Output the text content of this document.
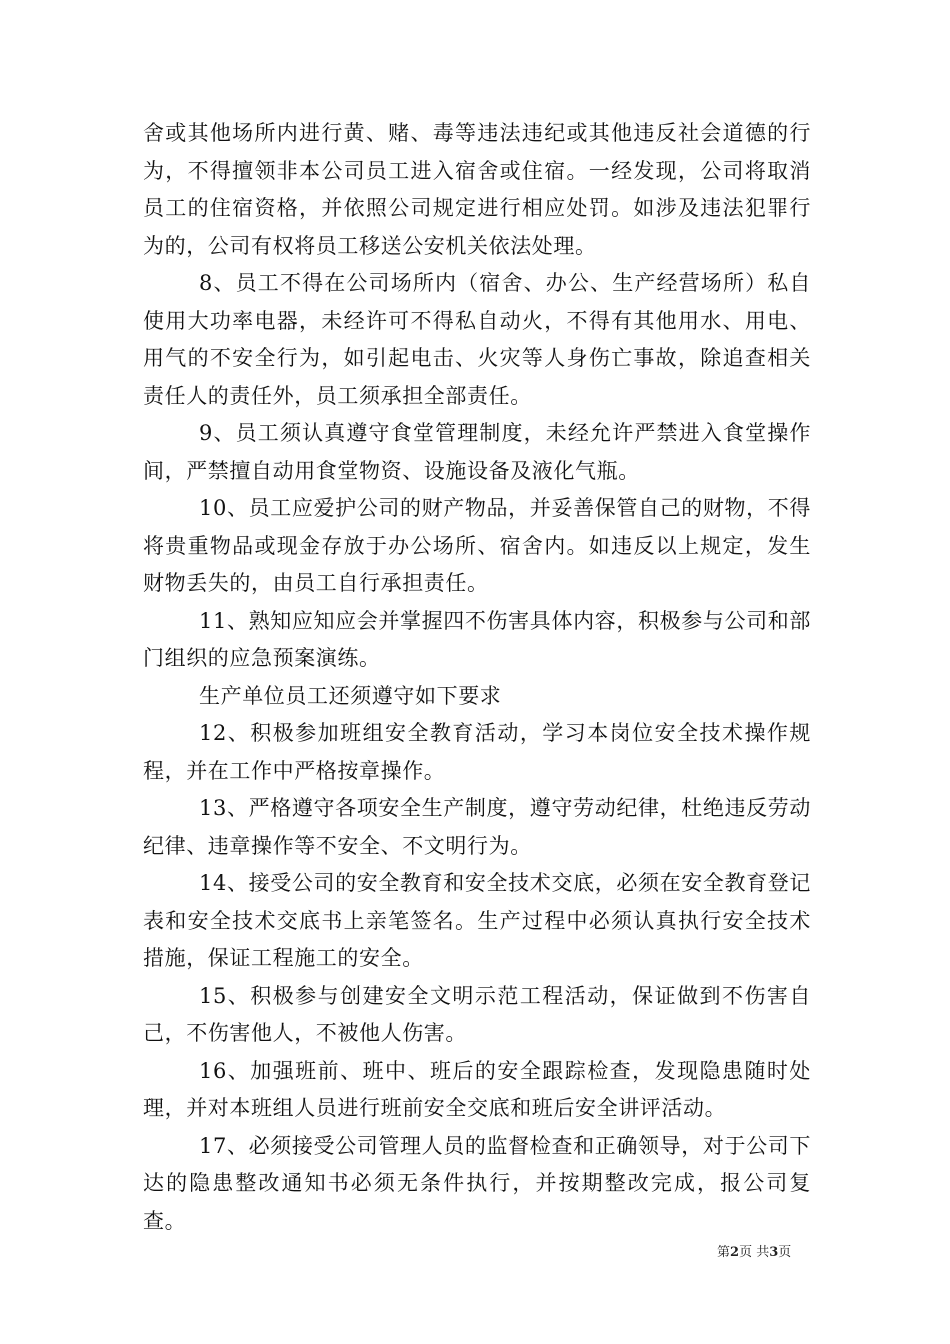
舍或其他场所内进行黄、赌、毒等违法违纪或其他违反社会道德的行为，不得擅领非本公司员工进入宿舍或住宿。一经发现，公司将取消员工的住宿资格，并依照公司规定进行相应处罚。如涉及违法犯罪行为的，公司有权将员工移送公安机关依法处理。

8、员工不得在公司场所内（宿舍、办公、生产经营场所）私自使用大功率电器，未经许可不得私自动火，不得有其他用水、用电、用气的不安全行为，如引起电击、火灾等人身伤亡事故，除追查相关责任人的责任外，员工须承担全部责任。

9、员工须认真遵守食堂管理制度，未经允许严禁进入食堂操作间，严禁擅自动用食堂物资、设施设备及液化气瓶。

10、员工应爱护公司的财产物品，并妥善保管自己的财物，不得将贵重物品或现金存放于办公场所、宿舍内。如违反以上规定，发生财物丢失的，由员工自行承担责任。

11、熟知应知应会并掌握四不伤害具体内容，积极参与公司和部门组织的应急预案演练。

生产单位员工还须遵守如下要求

12、积极参加班组安全教育活动，学习本岗位安全技术操作规程，并在工作中严格按章操作。

13、严格遵守各项安全生产制度，遵守劳动纪律，杜绝违反劳动纪律、违章操作等不安全、不文明行为。

14、接受公司的安全教育和安全技术交底，必须在安全教育登记表和安全技术交底书上亲笔签名。生产过程中必须认真执行安全技术措施，保证工程施工的安全。

15、积极参与创建安全文明示范工程活动，保证做到不伤害自己，不伤害他人，不被他人伤害。

16、加强班前、班中、班后的安全跟踪检查，发现隐患随时处理，并对本班组人员进行班前安全交底和班后安全讲评活动。

17、必须接受公司管理人员的监督检查和正确领导，对于公司下达的隐患整改通知书必须无条件执行，并按期整改完成，报公司复查。

第2页 共3页
